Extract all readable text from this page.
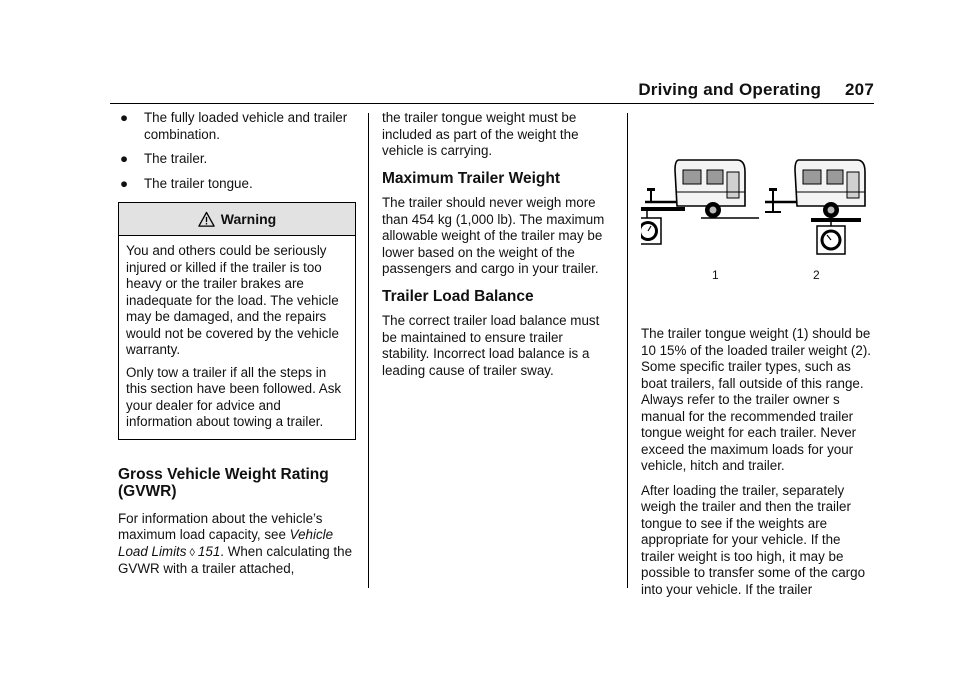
Driving and Operating 207
● The fully loaded vehicle and trailer combination.
● The trailer.
● The trailer tongue.
Warning

You and others could be seriously injured or killed if the trailer is too heavy or the trailer brakes are inadequate for the load. The vehicle may be damaged, and the repairs would not be covered by the vehicle warranty.

Only tow a trailer if all the steps in this section have been followed. Ask your dealer for advice and information about towing a trailer.

Gross Vehicle Weight Rating (GVWR)

For information about the vehicle’s maximum load capacity, see Vehicle Load Limits ◊ 151. When calculating the GVWR with a trailer attached,

the trailer tongue weight must be included as part of the weight the vehicle is carrying.

Maximum Trailer Weight

The trailer should never weigh more than 454 kg (1,000 lb). The maximum allowable weight of the trailer may be lower based on the weight of the passengers and cargo in your trailer.

Trailer Load Balance

The correct trailer load balance must be maintained to ensure trailer stability. Incorrect load balance is a leading cause of trailer sway.

1	2

The trailer tongue weight (1) should be 10 15% of the loaded trailer weight (2). Some specific trailer types, such as boat trailers, fall outside of this range. Always refer to the trailer owner s manual for the recommended trailer tongue weight for each trailer. Never exceed the maximum loads for your vehicle, hitch and trailer.

After loading the trailer, separately weigh the trailer and then the trailer tongue to see if the weights are appropriate for your vehicle. If the trailer weight is too high, it may be possible to transfer some of the cargo into your vehicle. If the trailer
